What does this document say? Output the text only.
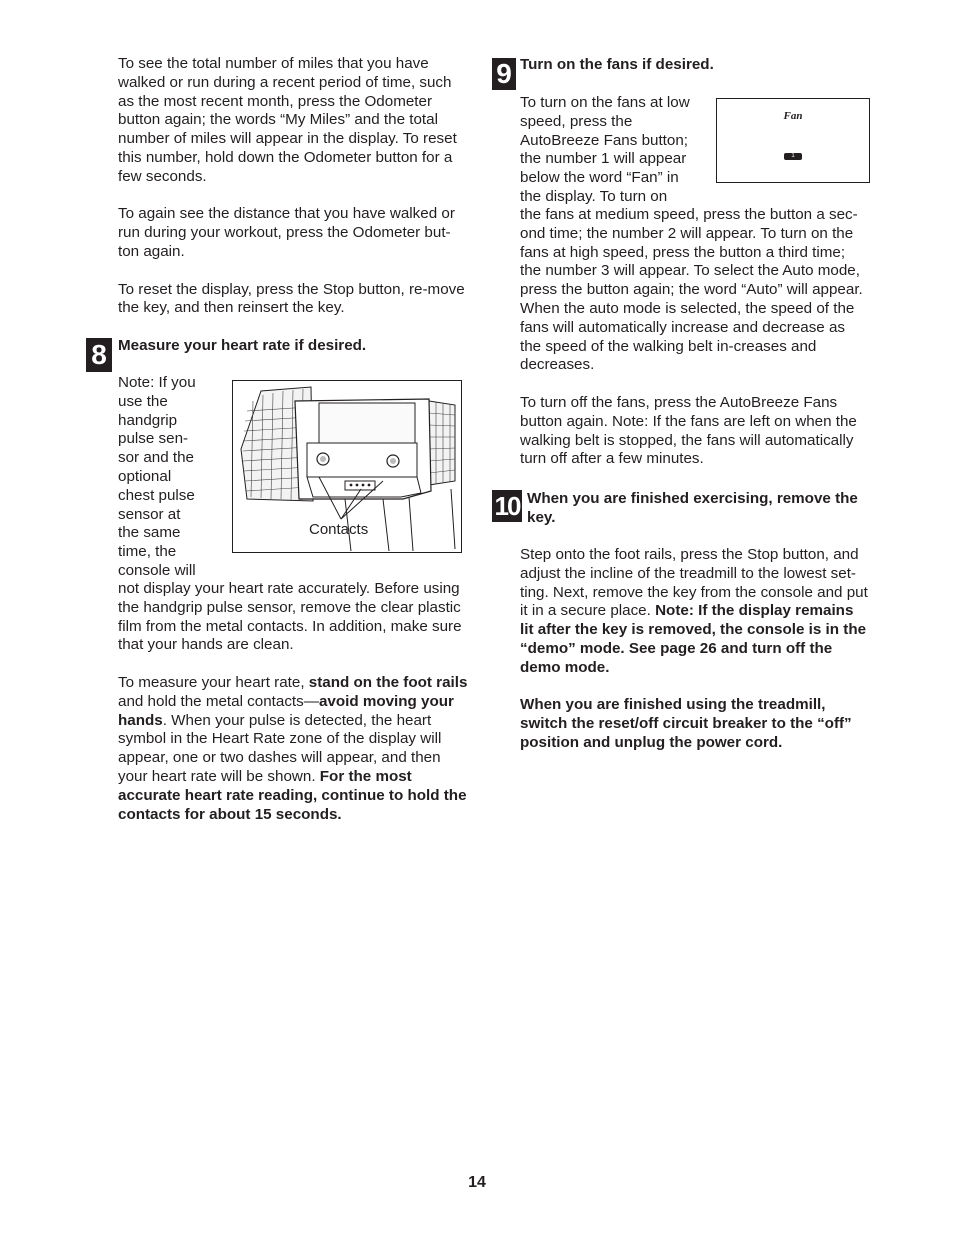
To see the total number of miles that you have walked or run during a recent period of time, such as the most recent month, press the Odometer button again; the words “My Miles” and the total number of miles will appear in the display. To reset this number, hold down the Odometer button for a few seconds.

To again see the distance that you have walked or run during your workout, press the Odometer but-ton again.

To reset the display, press the Stop button, re-move the key, and then reinsert the key.

8 Measure your heart rate if desired.
Note: If you
use the
handgrip
pulse sen-
sor and the
optional
chest pulse
sensor at
the same
time, the
console will
Contacts

not display your heart rate accurately. Before using the handgrip pulse sensor, remove the clear plastic film from the metal contacts. In addition, make sure that your hands are clean.

To measure your heart rate, stand on the foot rails and hold the metal contacts—avoid moving your hands. When your pulse is detected, the heart symbol in the Heart Rate zone of the display will appear, one or two dashes will appear, and then your heart rate will be shown. For the most accurate heart rate reading, continue to hold the contacts for about 15 seconds.

9 Turn on the fans if desired.
To turn on the fans at low
speed, press the
AutoBreeze Fans button;
the number 1 will appear
below the word “Fan” in
the display. To turn on
Fan
1

the fans at medium speed, press the button a sec-ond time; the number 2 will appear. To turn on the fans at high speed, press the button a third time; the number 3 will appear. To select the Auto mode, press the button again; the word “Auto” will appear. When the auto mode is selected, the speed of the fans will automatically increase and decrease as the speed of the walking belt in-creases and decreases.

To turn off the fans, press the AutoBreeze Fans button again. Note: If the fans are left on when the walking belt is stopped, the fans will automatically turn off after a few minutes.

10 When you are finished exercising, remove the key.

Step onto the foot rails, press the Stop button, and adjust the incline of the treadmill to the lowest set-ting. Next, remove the key from the console and put it in a secure place. Note: If the display remains lit after the key is removed, the console is in the “demo” mode. See page 26 and turn off the demo mode.

When you are finished using the treadmill, switch the reset/off circuit breaker to the “off” position and unplug the power cord.

14
